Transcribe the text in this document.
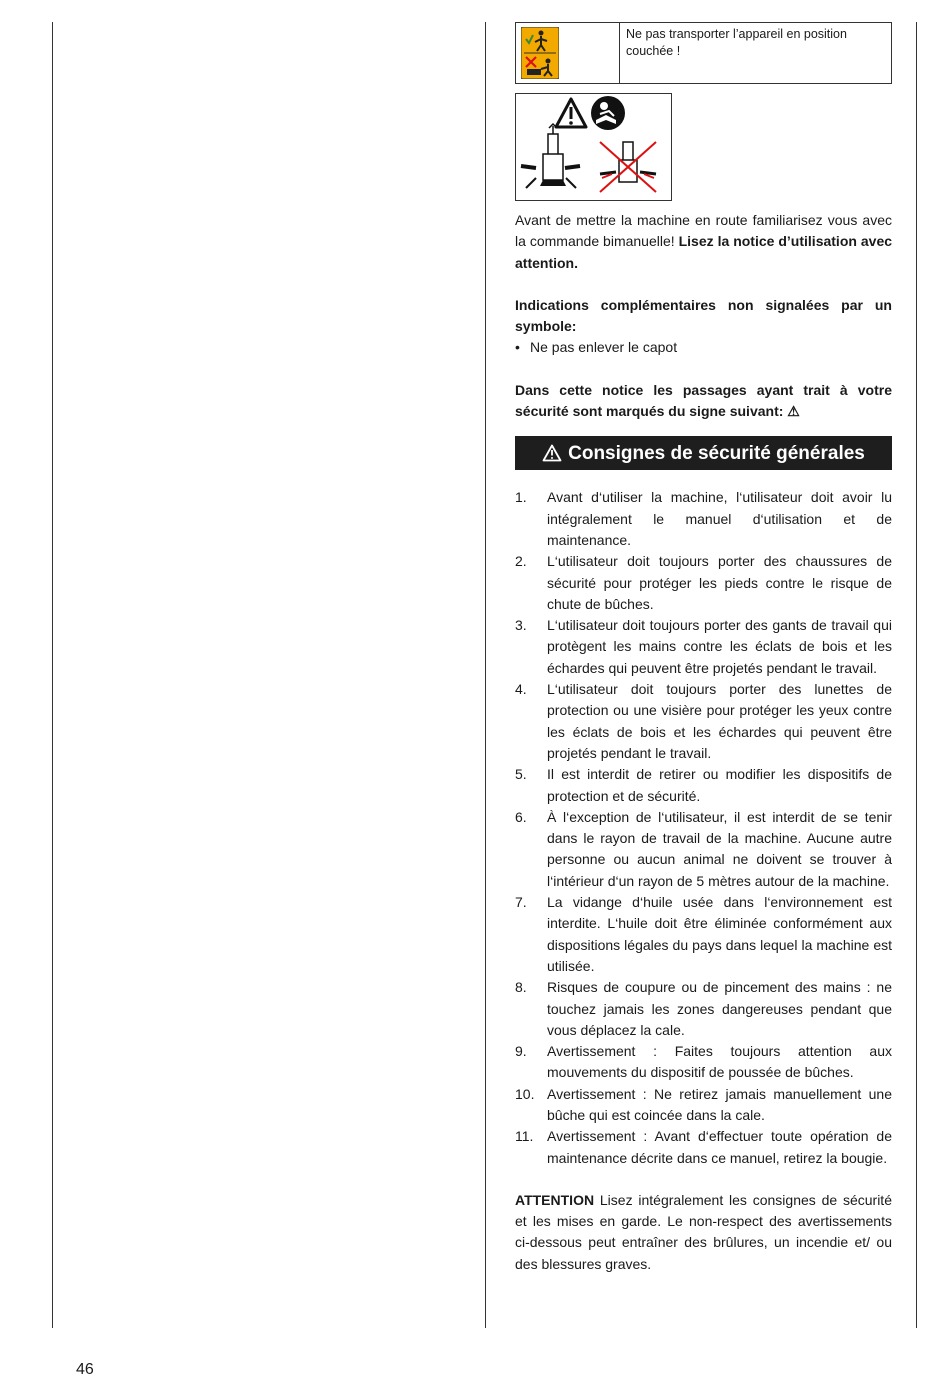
46
Ne pas transporter l’appareil en position couchée !

Avant de mettre la machine en route familiarisez vous avec la commande bimanuelle! Lisez la notice d’utilisation avec attention.

Indications complémentaires non signalées par un symbole:

• Ne pas enlever le capot

Dans cette notice les passages ayant trait à votre sécurité sont marqués du signe suivant: ⚠

Consignes de sécurité générales
1.	Avant d‘utiliser la machine, l‘utilisateur doit avoir lu intégralement le manuel d‘utilisation et de maintenance.
2.	L‘utilisateur doit toujours porter des chaussures de sécurité pour protéger les pieds contre le risque de chute de bûches.
3.	L‘utilisateur doit toujours porter des gants de travail qui protègent les mains contre les éclats de bois et les échardes qui peuvent être projetés pendant le travail.
4.	L‘utilisateur doit toujours porter des lunettes de protection ou une visière pour protéger les yeux contre les éclats de bois et les échardes qui peuvent être projetés pendant le travail.
5.	Il est interdit de retirer ou modifier les dispositifs de protection et de sécurité.
6.	À l‘exception de l‘utilisateur, il est interdit de se tenir dans le rayon de travail de la machine. Aucune autre personne ou aucun animal ne doivent se trouver à l‘intérieur d‘un rayon de 5 mètres autour de la machine.
7.	La vidange d‘huile usée dans l‘environnement est interdite. L‘huile doit être éliminée conformément aux dispositions légales du pays dans lequel la machine est utilisée.
8.	Risques de coupure ou de pincement des mains : ne touchez jamais les zones dangereuses pendant que vous déplacez la cale.
9.	Avertissement : Faites toujours attention aux mouvements du dispositif de poussée de bûches.
10. Avertissement : Ne retirez jamais manuellement une bûche qui est coincée dans la cale.
11. Avertissement : Avant d‘effectuer toute opération de maintenance décrite dans ce manuel, retirez la bougie.

ATTENTION Lisez intégralement les consignes de sécurité et les mises en garde. Le non-respect des avertissements ci-dessous peut entraîner des brûlures, un incendie et/ ou des blessures graves.
